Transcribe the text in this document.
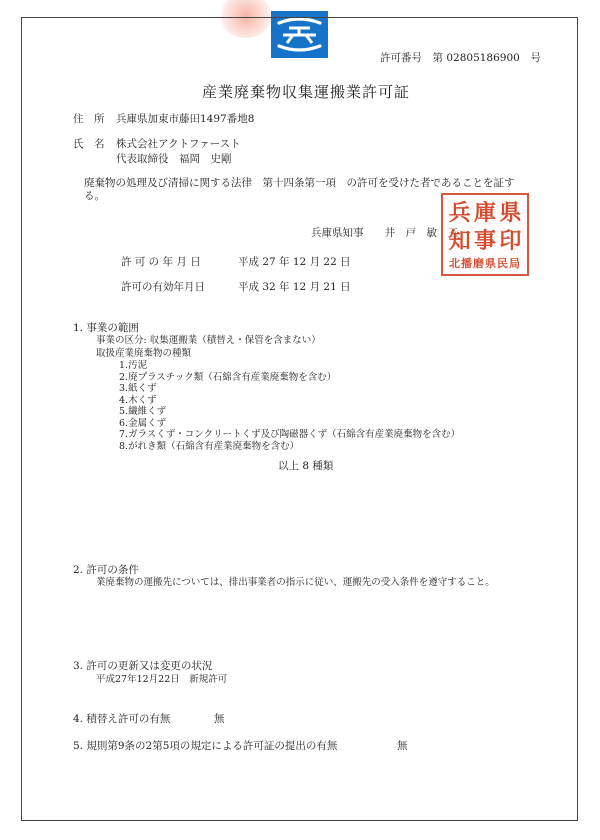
許可番号　 第 02805186900　 号
産業廃棄物収集運搬業許可証
住　所 兵庫県加東市藤田1497番地8
氏　名 株式会社アクトファースト
代表取締役　福岡　史剛
廃棄物の処理及び清掃に関する法律　第十四条第一項　の許可を受けた者であることを証す
る。
兵庫県知事　　井　戸　敏　三
兵 庫 県
知 事 印
北播磨県民局
許 可 の 年 月 日	平成 27 年 12 月 22 日
許可の有効年月日	平成 32 年 12 月 21 日
1. 事業の範囲
事業の区分: 収集運搬業（積替え・保管を含まない）
取扱産業廃棄物の種類
1.汚泥
2.廃プラスチック類（石綿含有産業廃棄物を含む）
3.紙くず
4.木くず
5.繊維くず
6.金属くず
7.ガラスくず・コンクリートくず及び陶磁器くず（石綿含有産業廃棄物を含む）
8.がれき類（石綿含有産業廃棄物を含む）
以上 8 種類
2. 許可の条件
業廃棄物の運搬先については、排出事業者の指示に従い、運搬先の受入条件を遵守すること。
3. 許可の更新又は変更の状況
平成27年12月22日　新規許可
4. 積替え許可の有無	無
5. 規則第9条の2第5項の規定による許可証の提出の有無	無
